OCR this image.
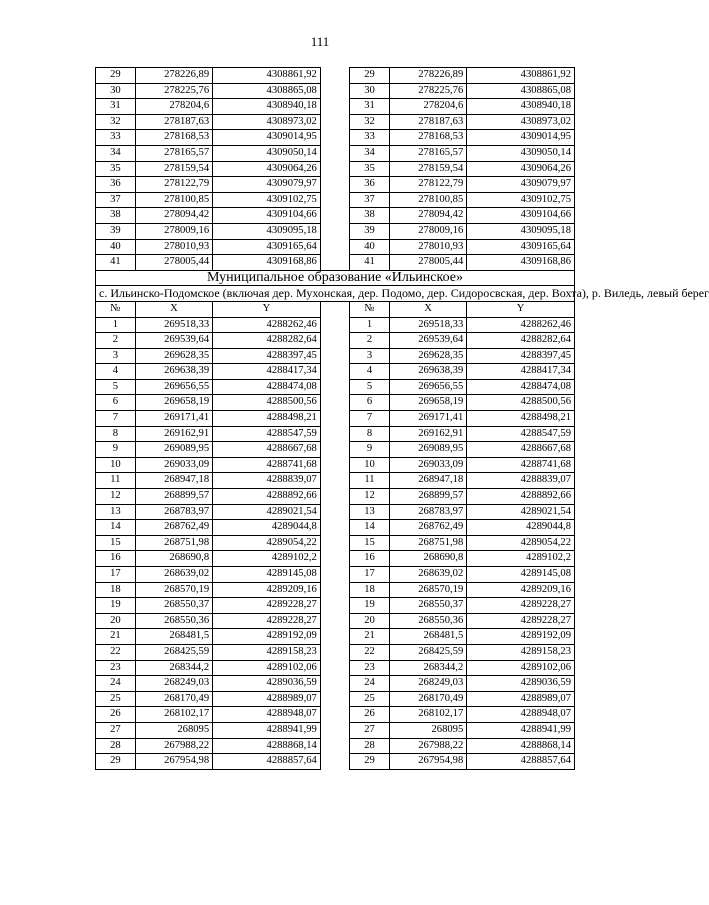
111
29	278226,89	4308861,92		29	278226,89	4308861,92
30	278225,76	4308865,08		30	278225,76	4308865,08
31	278204,6	4308940,18		31	278204,6	4308940,18
32	278187,63	4308973,02		32	278187,63	4308973,02
33	278168,53	4309014,95		33	278168,53	4309014,95
34	278165,57	4309050,14		34	278165,57	4309050,14
35	278159,54	4309064,26		35	278159,54	4309064,26
36	278122,79	4309079,97		36	278122,79	4309079,97
37	278100,85	4309102,75		37	278100,85	4309102,75
38	278094,42	4309104,66		38	278094,42	4309104,66
39	278009,16	4309095,18		39	278009,16	4309095,18
40	278010,93	4309165,64		40	278010,93	4309165,64
41	278005,44	4309168,86		41	278005,44	4309168,86
Муниципальное образование «Ильинское»						
с. Ильинско-Подомское (включая дер. Мухонская, дер. Подомо, дер. Сидоросвская, дер. Вохта), р. Виледь, левый берег						
№	X	Y		№	X	Y
1	269518,33	4288262,46		1	269518,33	4288262,46
2	269539,64	4288282,64		2	269539,64	4288282,64
3	269628,35	4288397,45		3	269628,35	4288397,45
4	269638,39	4288417,34		4	269638,39	4288417,34
5	269656,55	4288474,08		5	269656,55	4288474,08
6	269658,19	4288500,56		6	269658,19	4288500,56
7	269171,41	4288498,21		7	269171,41	4288498,21
8	269162,91	4288547,59		8	269162,91	4288547,59
9	269089,95	4288667,68		9	269089,95	4288667,68
10	269033,09	4288741,68		10	269033,09	4288741,68
11	268947,18	4288839,07		11	268947,18	4288839,07
12	268899,57	4288892,66		12	268899,57	4288892,66
13	268783,97	4289021,54		13	268783,97	4289021,54
14	268762,49	4289044,8		14	268762,49	4289044,8
15	268751,98	4289054,22		15	268751,98	4289054,22
16	268690,8	4289102,2		16	268690,8	4289102,2
17	268639,02	4289145,08		17	268639,02	4289145,08
18	268570,19	4289209,16		18	268570,19	4289209,16
19	268550,37	4289228,27		19	268550,37	4289228,27
20	268550,36	4289228,27		20	268550,36	4289228,27
21	268481,5	4289192,09		21	268481,5	4289192,09
22	268425,59	4289158,23		22	268425,59	4289158,23
23	268344,2	4289102,06		23	268344,2	4289102,06
24	268249,03	4289036,59		24	268249,03	4289036,59
25	268170,49	4288989,07		25	268170,49	4288989,07
26	268102,17	4288948,07		26	268102,17	4288948,07
27	268095	4288941,99		27	268095	4288941,99
28	267988,22	4288868,14		28	267988,22	4288868,14
29	267954,98	4288857,64		29	267954,98	4288857,64
